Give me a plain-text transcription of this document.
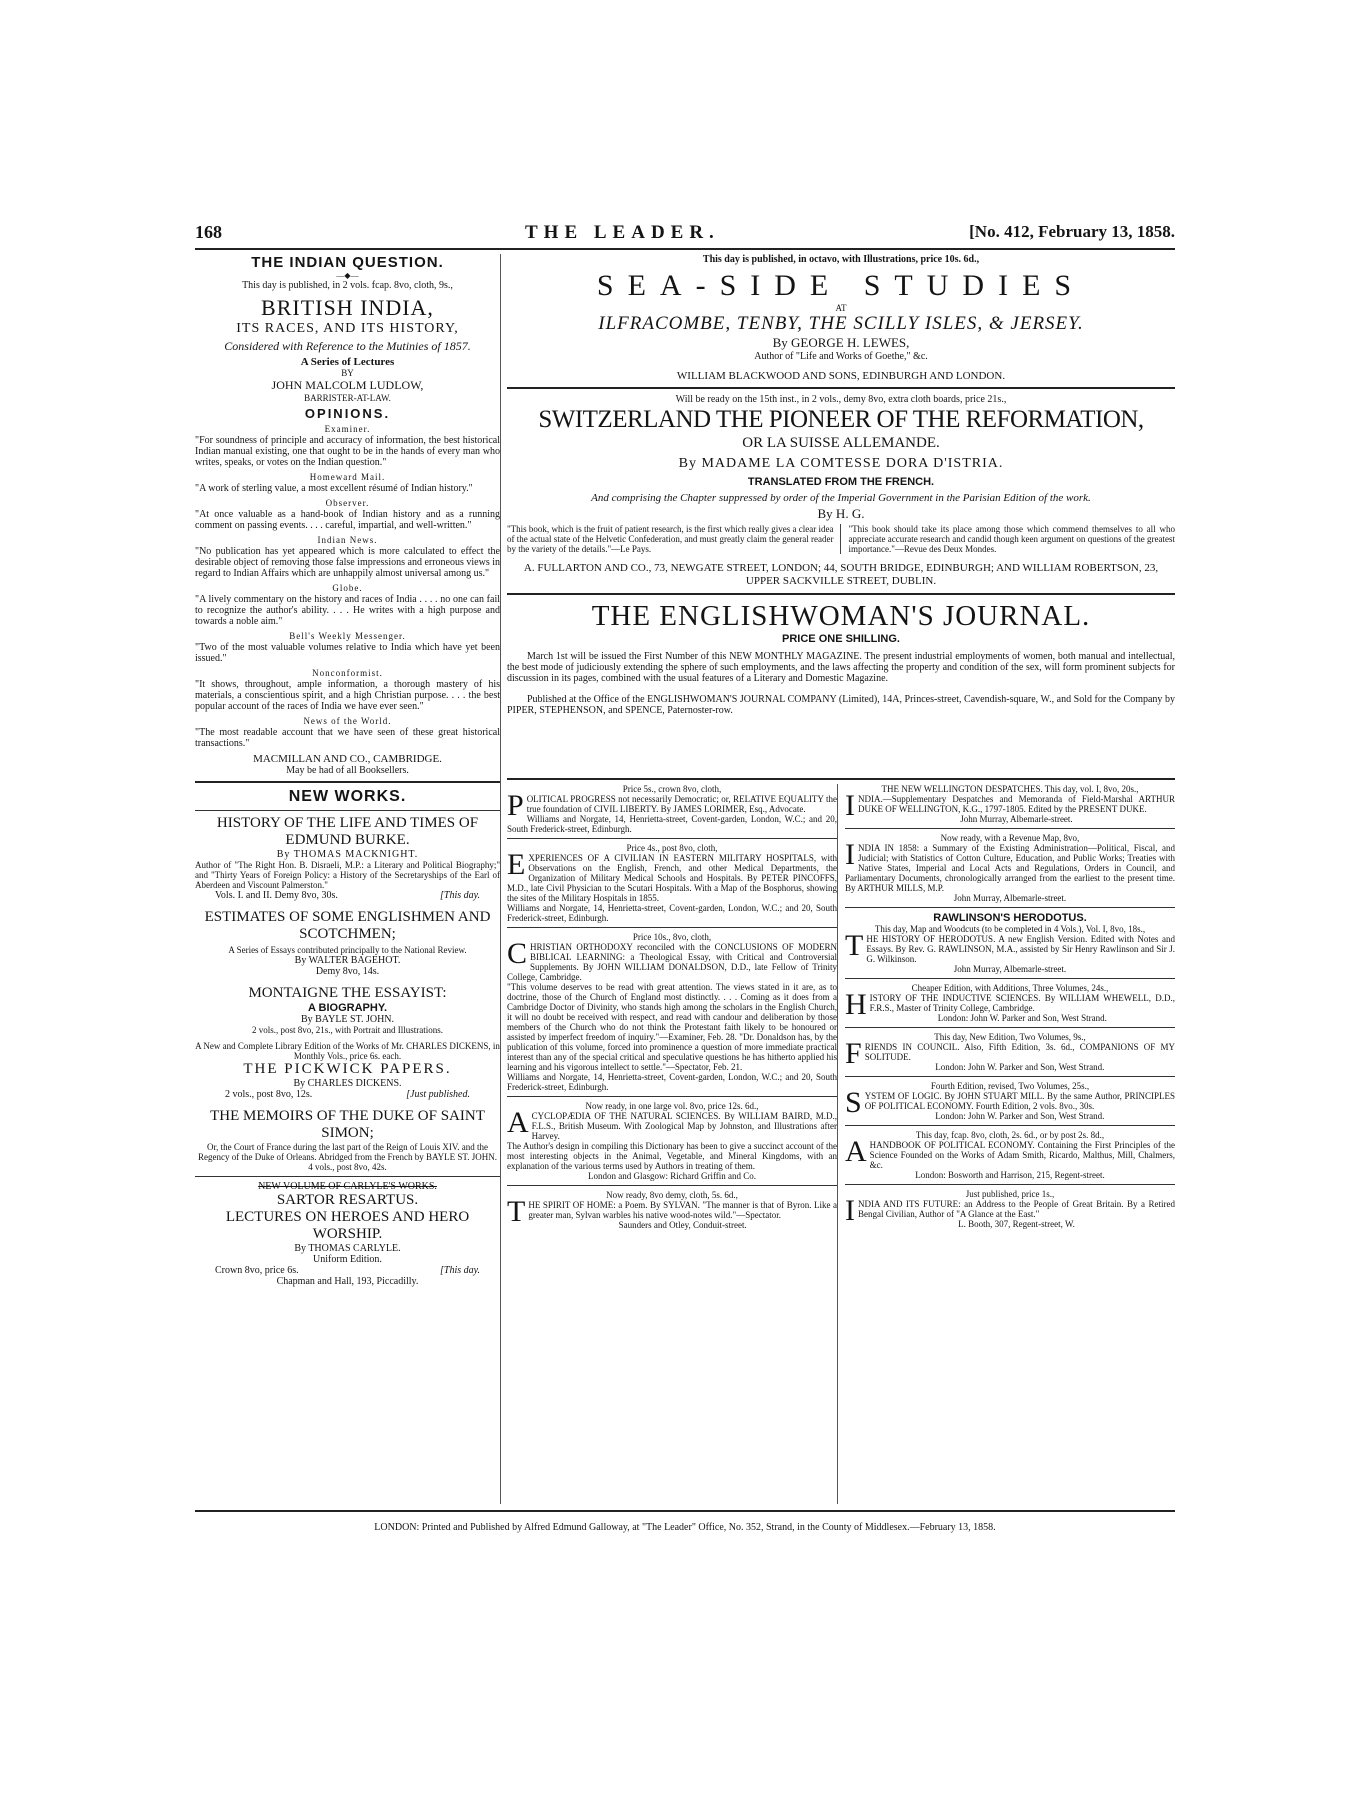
168	THE LEADER.	[No. 412, February 13, 1858.
THE INDIAN QUESTION.
—◆—
This day is published, in 2 vols. fcap. 8vo, cloth, 9s.,
BRITISH INDIA,
ITS RACES, AND ITS HISTORY,
Considered with Reference to the Mutinies of 1857.
A Series of Lectures
BY
JOHN MALCOLM LUDLOW,
BARRISTER-AT-LAW.
OPINIONS.
Examiner.
"For soundness of principle and accuracy of information, the best historical Indian manual existing, one that ought to be in the hands of every man who writes, speaks, or votes on the Indian question."
Homeward Mail.
"A work of sterling value, a most excellent résumé of Indian history."
Observer.
"At once valuable as a hand-book of Indian history and as a running comment on passing events. . . . careful, impartial, and well-written."
Indian News.
"No publication has yet appeared which is more calculated to effect the desirable object of removing those false impressions and erroneous views in regard to Indian Affairs which are unhappily almost universal among us."
Globe.
"A lively commentary on the history and races of India . . . . no one can fail to recognize the author's ability. . . . He writes with a high purpose and towards a noble aim."
Bell's Weekly Messenger.
"Two of the most valuable volumes relative to India which have yet been issued."
Nonconformist.
"It shows, throughout, ample information, a thorough mastery of his materials, a conscientious spirit, and a high Christian purpose. . . . the best popular account of the races of India we have ever seen."
News of the World.
"The most readable account that we have seen of these great historical transactions."
MACMILLAN AND CO., CAMBRIDGE.
May be had of all Booksellers.
NEW WORKS.
HISTORY OF THE LIFE AND TIMES OF EDMUND BURKE.
By THOMAS MACKNIGHT.
Author of "The Right Hon. B. Disraeli, M.P.: a Literary and Political Biography;" and "Thirty Years of Foreign Policy: a History of the Secretaryships of the Earl of Aberdeen and Viscount Palmerston."
Vols. I. and II. Demy 8vo, 30s.	[This day.
ESTIMATES OF SOME ENGLISHMEN AND SCOTCHMEN;
A Series of Essays contributed principally to the National Review.
By WALTER BAGEHOT.
Demy 8vo, 14s.
MONTAIGNE THE ESSAYIST:
A BIOGRAPHY.
By BAYLE ST. JOHN.
2 vols., post 8vo, 21s., with Portrait and Illustrations.
A New and Complete Library Edition of the Works of Mr. CHARLES DICKENS, in Monthly Vols., price 6s. each.
THE PICKWICK PAPERS.
By CHARLES DICKENS.
2 vols., post 8vo, 12s.	[Just published.
THE MEMOIRS OF THE DUKE OF SAINT SIMON;
Or, the Court of France during the last part of the Reign of Louis XIV. and the Regency of the Duke of Orleans. Abridged from the French by BAYLE ST. JOHN.
4 vols., post 8vo, 42s.
NEW VOLUME OF CARLYLE'S WORKS.
SARTOR RESARTUS.
LECTURES ON HEROES AND HERO WORSHIP.
By THOMAS CARLYLE.
Uniform Edition.
Crown 8vo, price 6s.	[This day.
Chapman and Hall, 193, Piccadilly.
This day is published, in octavo, with Illustrations, price 10s. 6d.,
SEA-SIDE STUDIES
AT
ILFRACOMBE, TENBY, THE SCILLY ISLES, & JERSEY.
By GEORGE H. LEWES,
Author of "Life and Works of Goethe," &c.
WILLIAM BLACKWOOD AND SONS, EDINBURGH AND LONDON.
Will be ready on the 15th inst., in 2 vols., demy 8vo, extra cloth boards, price 21s.,
SWITZERLAND THE PIONEER OF THE REFORMATION,
OR LA SUISSE ALLEMANDE.
By MADAME LA COMTESSE DORA D'ISTRIA.
TRANSLATED FROM THE FRENCH.
And comprising the Chapter suppressed by order of the Imperial Government in the Parisian Edition of the work.
By H. G.
"This book, which is the fruit of patient research, is the first which really gives a clear idea of the actual state of the Helvetic Confederation, and must greatly claim the general reader by the variety of the details."—Le Pays.
"This book should take its place among those which commend themselves to all who appreciate accurate research and candid though keen argument on questions of the greatest importance."—Revue des Deux Mondes.
A. FULLARTON AND CO., 73, NEWGATE STREET, LONDON; 44, SOUTH BRIDGE, EDINBURGH; AND WILLIAM ROBERTSON, 23, UPPER SACKVILLE STREET, DUBLIN.
THE ENGLISHWOMAN'S JOURNAL.
PRICE ONE SHILLING.
March 1st will be issued the First Number of this NEW MONTHLY MAGAZINE. The present industrial employments of women, both manual and intellectual, the best mode of judiciously extending the sphere of such employments, and the laws affecting the property and condition of the sex, will form prominent subjects for discussion in its pages, combined with the usual features of a Literary and Domestic Magazine.
Published at the Office of the ENGLISHWOMAN'S JOURNAL COMPANY (Limited), 14A, Princes-street, Cavendish-square, W., and Sold for the Company by PIPER, STEPHENSON, and SPENCE, Paternoster-row.
Price 5s., crown 8vo, cloth,
POLITICAL PROGRESS not necessarily Democratic; or, RELATIVE EQUALITY the true foundation of CIVIL LIBERTY. By JAMES LORIMER, Esq., Advocate.
Williams and Norgate, 14, Henrietta-street, Covent-garden, London, W.C.; and 20, South Frederick-street, Edinburgh.
Price 4s., post 8vo, cloth,
EXPERIENCES OF A CIVILIAN IN EASTERN MILITARY HOSPITALS, with Observations on the English, French, and other Medical Departments, the Organization of Military Medical Schools and Hospitals. By PETER PINCOFFS, M.D., late Civil Physician to the Scutari Hospitals. With a Map of the Bosphorus, showing the sites of the Military Hospitals in 1855.
Williams and Norgate, 14, Henrietta-street, Covent-garden, London, W.C.; and 20, South Frederick-street, Edinburgh.
Price 10s., 8vo, cloth,
CHRISTIAN ORTHODOXY reconciled with the CONCLUSIONS OF MODERN BIBLICAL LEARNING: a Theological Essay, with Critical and Controversial Supplements. By JOHN WILLIAM DONALDSON, D.D., late Fellow of Trinity College, Cambridge.
"This volume deserves to be read with great attention. The views stated in it are, as to doctrine, those of the Church of England most distinctly. . . . Coming as it does from a Cambridge Doctor of Divinity, who stands high among the scholars in the English Church, it will no doubt be received with respect, and read with candour and deliberation by those members of the Church who do not think the Protestant faith likely to be honoured or assisted by imperfect freedom of inquiry."—Examiner, Feb. 28. "Dr. Donaldson has, by the publication of this volume, forced into prominence a question of more immediate practical interest than any of the special critical and speculative questions he has hitherto applied his learning and his vigorous intellect to settle."—Spectator, Feb. 21.
Williams and Norgate, 14, Henrietta-street, Covent-garden, London, W.C.; and 20, South Frederick-street, Edinburgh.
Now ready, in one large vol. 8vo, price 12s. 6d.,
ACYCLOPÆDIA OF THE NATURAL SCIENCES. By WILLIAM BAIRD, M.D., F.L.S., British Museum. With Zoological Map by Johnston, and Illustrations after Harvey.
The Author's design in compiling this Dictionary has been to give a succinct account of the most interesting objects in the Animal, Vegetable, and Mineral Kingdoms, with an explanation of the various terms used by Authors in treating of them.
London and Glasgow: Richard Griffin and Co.
Now ready, 8vo demy, cloth, 5s. 6d.,
THE SPIRIT OF HOME: a Poem. By SYLVAN. "The manner is that of Byron. Like a greater man, Sylvan warbles his native wood-notes wild."—Spectator.
Saunders and Otley, Conduit-street.
THE NEW WELLINGTON DESPATCHES. This day, vol. I, 8vo, 20s.,
INDIA.—Supplementary Despatches and Memoranda of Field-Marshal ARTHUR DUKE OF WELLINGTON, K.G., 1797-1805. Edited by the PRESENT DUKE.
John Murray, Albemarle-street.
Now ready, with a Revenue Map, 8vo,
INDIA IN 1858: a Summary of the Existing Administration—Political, Fiscal, and Judicial; with Statistics of Cotton Culture, Education, and Public Works; Treaties with Native States, Imperial and Local Acts and Regulations, Orders in Council, and Parliamentary Documents, chronologically arranged from the earliest to the present time. By ARTHUR MILLS, M.P.
John Murray, Albemarle-street.
RAWLINSON'S HERODOTUS.
This day, Map and Woodcuts (to be completed in 4 Vols.), Vol. I, 8vo, 18s.,
THE HISTORY OF HERODOTUS. A new English Version. Edited with Notes and Essays. By Rev. G. RAWLINSON, M.A., assisted by Sir Henry Rawlinson and Sir J. G. Wilkinson.
John Murray, Albemarle-street.
Cheaper Edition, with Additions, Three Volumes, 24s.,
HISTORY OF THE INDUCTIVE SCIENCES. By WILLIAM WHEWELL, D.D., F.R.S., Master of Trinity College, Cambridge.
London: John W. Parker and Son, West Strand.
This day, New Edition, Two Volumes, 9s.,
FRIENDS IN COUNCIL. Also, Fifth Edition, 3s. 6d., COMPANIONS OF MY SOLITUDE.
London: John W. Parker and Son, West Strand.
Fourth Edition, revised, Two Volumes, 25s.,
SYSTEM OF LOGIC. By JOHN STUART MILL. By the same Author, PRINCIPLES OF POLITICAL ECONOMY. Fourth Edition, 2 vols. 8vo., 30s.
London: John W. Parker and Son, West Strand.
This day, fcap. 8vo, cloth, 2s. 6d., or by post 2s. 8d.,
AHANDBOOK OF POLITICAL ECONOMY. Containing the First Principles of the Science Founded on the Works of Adam Smith, Ricardo, Malthus, Mill, Chalmers, &c.
London: Bosworth and Harrison, 215, Regent-street.
Just published, price 1s.,
INDIA AND ITS FUTURE: an Address to the People of Great Britain. By a Retired Bengal Civilian, Author of "A Glance at the East."
L. Booth, 307, Regent-street, W.
LONDON: Printed and Published by Alfred Edmund Galloway, at "The Leader" Office, No. 352, Strand, in the County of Middlesex.—February 13, 1858.
